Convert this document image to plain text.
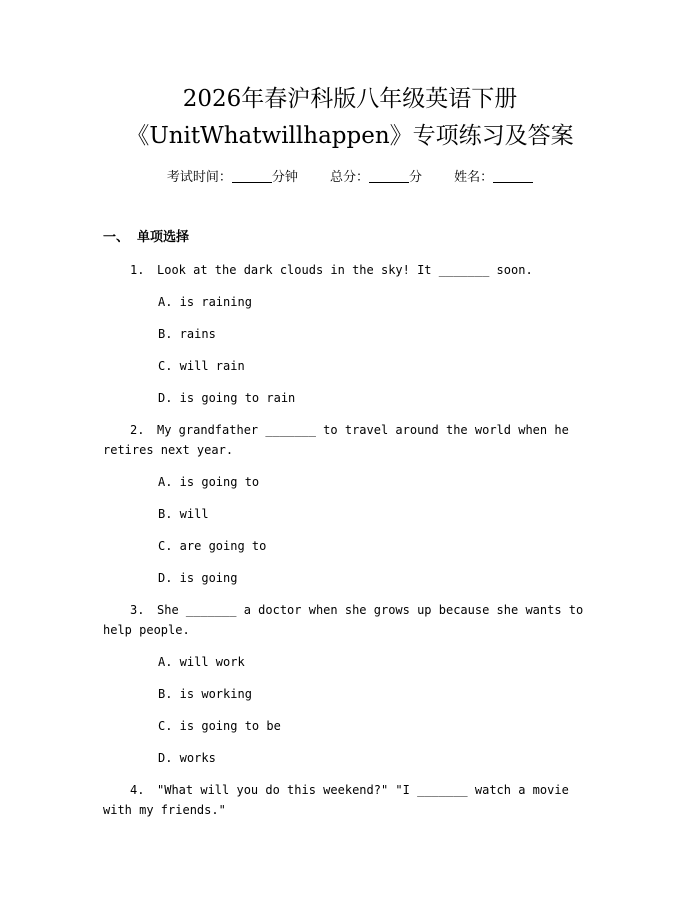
2026年春沪科版八年级英语下册
《UnitWhatwillhappen》专项练习及答案
考试时间：	分钟 总分：	分 姓名：
一、 单项选择
1. Look at the dark clouds in the sky! It _______ soon.
A. is raining
B. rains
C. will rain
D. is going to rain
2. My grandfather _______ to travel around the world when he retires next year.
A. is going to
B. will
C. are going to
D. is going
3. She _______ a doctor when she grows up because she wants to help people.
A. will work
B. is working
C. is going to be
D. works
4. "What will you do this weekend?" "I _______ watch a movie with my friends."
